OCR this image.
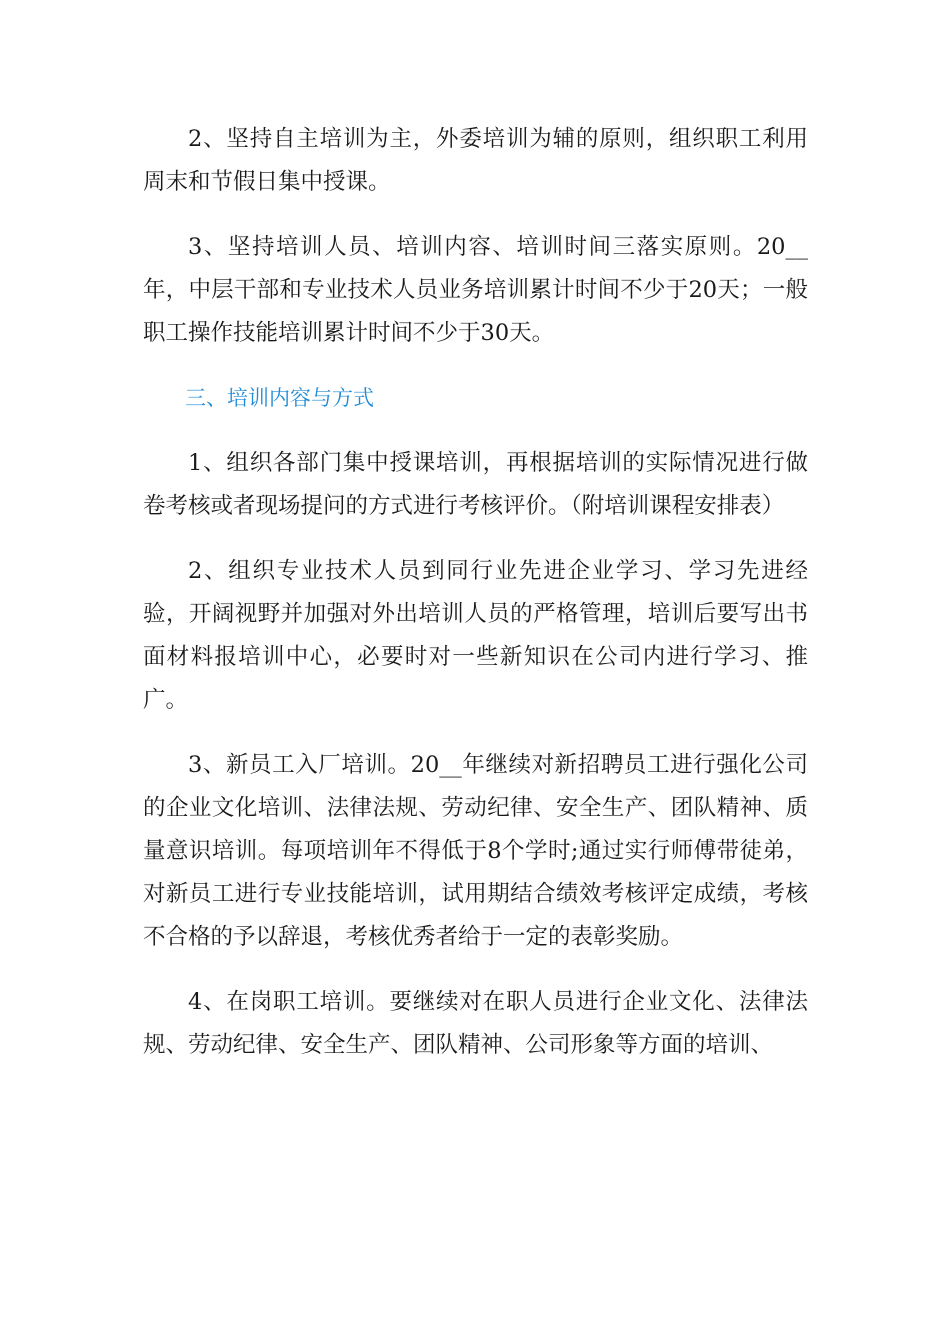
2、坚持自主培训为主，外委培训为辅的原则，组织职工利用周末和节假日集中授课。

3、坚持培训人员、培训内容、培训时间三落实原则。20__年，中层干部和专业技术人员业务培训累计时间不少于20天；一般职工操作技能培训累计时间不少于30天。

三、培训内容与方式

1、组织各部门集中授课培训，再根据培训的实际情况进行做卷考核或者现场提问的方式进行考核评价。（附培训课程安排表）

2、组织专业技术人员到同行业先进企业学习、学习先进经验，开阔视野并加强对外出培训人员的严格管理，培训后要写出书面材料报培训中心，必要时对一些新知识在公司内进行学习、推广。

3、新员工入厂培训。20__年继续对新招聘员工进行强化公司的企业文化培训、法律法规、劳动纪律、安全生产、团队精神、质量意识培训。每项培训年不得低于8个学时;通过实行师傅带徒弟，对新员工进行专业技能培训，试用期结合绩效考核评定成绩，考核不合格的予以辞退，考核优秀者给于一定的表彰奖励。

4、在岗职工培训。要继续对在职人员进行企业文化、法律法规、劳动纪律、安全生产、团队精神、公司形象等方面的培训、
